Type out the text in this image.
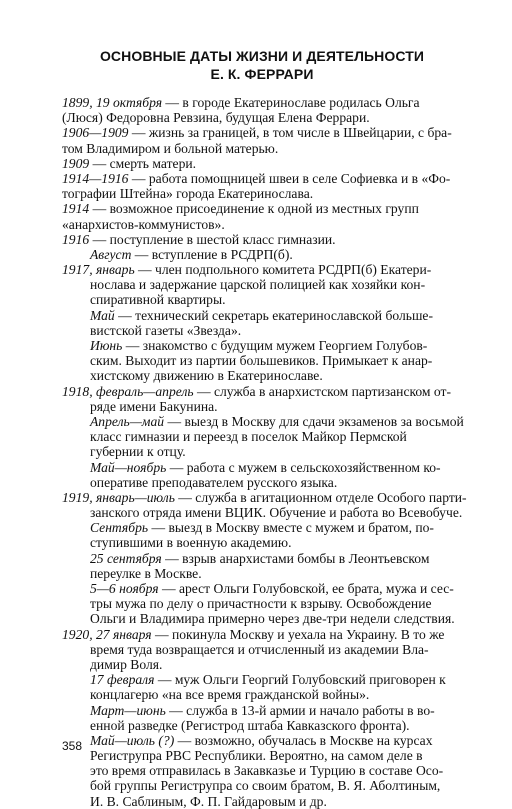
ОСНОВНЫЕ ДАТЫ ЖИЗНИ И ДЕЯТЕЛЬНОСТИ
Е. К. ФЕРРАРИ
1899, 19 октября — в городе Екатеринославе родилась Ольга
(Люся) Федоровна Ревзина, будущая Елена Феррари.
1906—1909 — жизнь за границей, в том числе в Швейцарии, с бра-
том Владимиром и больной матерью.
1909 — смерть матери.
1914—1916 — работа помощницей швеи в селе Софиевка и в «Фо-
тографии Штейна» города Екатеринослава.
1914 — возможное присоединение к одной из местных групп
«анархистов-коммунистов».
1916 — поступление в шестой класс гимназии.
Август — вступление в РСДРП(б).
1917, январь — член подпольного комитета РСДРП(б) Екатери-
нослава и задержание царской полицией как хозяйки кон-
спиративной квартиры.
Май — технический секретарь екатеринославской больше-
вистской газеты «Звезда».
Июнь — знакомство с будущим мужем Георгием Голубов-
ским. Выходит из партии большевиков. Примыкает к анар-
хистскому движению в Екатеринославе.
1918, февраль—апрель — служба в анархистском партизанском от-
ряде имени Бакунина.
Апрель—май — выезд в Москву для сдачи экзаменов за восьмой
класс гимназии и переезд в поселок Майкор Пермской
губернии к отцу.
Май—ноябрь — работа с мужем в сельскохозяйственном ко-
оперативе преподавателем русского языка.
1919, январь—июль — служба в агитационном отделе Особого парти-
занского отряда имени ВЦИК. Обучение и работа во Всевобуче.
Сентябрь — выезд в Москву вместе с мужем и братом, по-
ступившими в военную академию.
25 сентября — взрыв анархистами бомбы в Леонтьевском
переулке в Москве.
5—6 ноября — арест Ольги Голубовской, ее брата, мужа и сес-
тры мужа по делу о причастности к взрыву. Освобождение
Ольги и Владимира примерно через две-три недели следствия.
1920, 27 января — покинула Москву и уехала на Украину. В то же
время туда возвращается и отчисленный из академии Вла-
димир Воля.
17 февраля — муж Ольги Георгий Голубовский приговорен к
концлагерю «на все время гражданской войны».
Март—июнь — служба в 13-й армии и начало работы в во-
енной разведке (Регистрод штаба Кавказского фронта).
Май—июль (?) — возможно, обучалась в Москве на курсах
Региструпра РВС Республики. Вероятно, на самом деле в
это время отправилась в Закавказье и Турцию в составе Осо-
бой группы Региструпра со своим братом, В. Я. Аболтиным,
И. В. Саблиным, Ф. П. Гайдаровым и др.
358
